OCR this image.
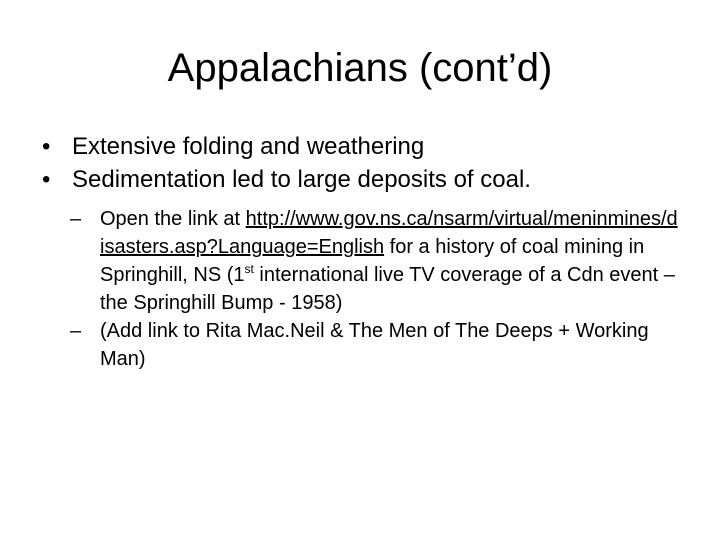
Appalachians (cont’d)
• Extensive folding and weathering
• Sedimentation led to large deposits of coal.
– Open the link at http://www.gov.ns.ca/nsarm/virtual/meninmines/disasters.asp?Language=English for a history of coal mining in Springhill, NS (1st international live TV coverage of a Cdn event – the Springhill Bump - 1958)
– (Add link to Rita Mac.Neil & The Men of The Deeps + Working Man)
